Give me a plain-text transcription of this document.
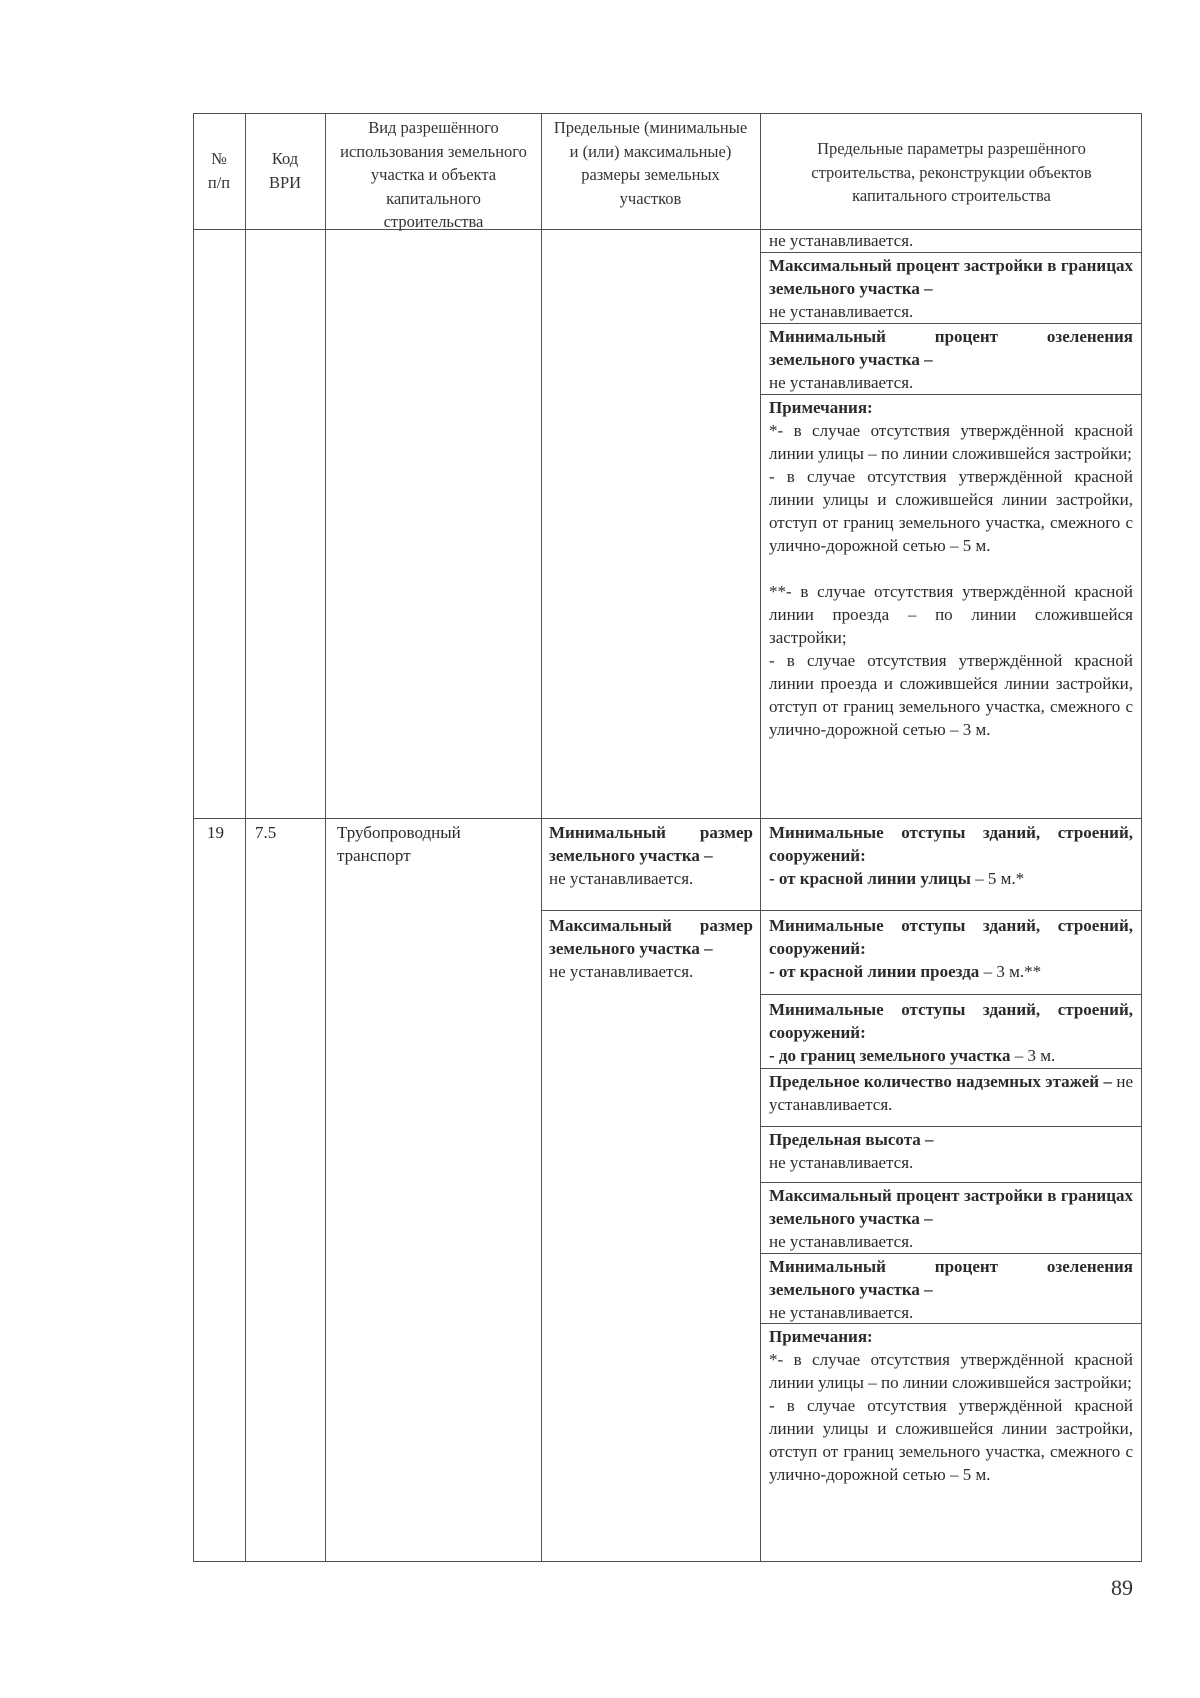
№
п/п
Код
ВРИ
Вид разрешённого использования земельного участка и объекта капитального строительства
Предельные (минимальные и (или) максимальные) размеры земельных участков
Предельные параметры разрешённого строительства, реконструкции объектов капитального строительства
не устанавливается.
Максимальный процент застройки в границах земельного участка –
не устанавливается.
Минимальный процент озеленения земельного участка –
не устанавливается.
Примечания:
*- в случае отсутствия утверждённой красной линии улицы – по линии сложившейся застройки;
- в случае отсутствия утверждённой красной линии улицы и сложившейся линии застройки, отступ от границ земельного участка, смежного с улично-дорожной сетью – 5 м.
**- в случае отсутствия утверждённой красной линии проезда – по линии сложившейся застройки;
- в случае отсутствия утверждённой красной линии проезда и сложившейся линии застройки, отступ от границ земельного участка, смежного с улично-дорожной сетью – 3 м.
19	7.5	Трубопроводный транспорт
Минимальный размер земельного участка –
не устанавливается.
Максимальный размер земельного участка –
не устанавливается.
Минимальные отступы зданий, строений, сооружений:
- от красной линии улицы – 5 м.*
Минимальные отступы зданий, строений, сооружений:
- от красной линии проезда – 3 м.**
Минимальные отступы зданий, строений, сооружений:
- до границ земельного участка – 3 м.
Предельное количество надземных этажей – не устанавливается.
Предельная высота –
не устанавливается.
Максимальный процент застройки в границах земельного участка –
не устанавливается.
Минимальный процент озеленения земельного участка –
не устанавливается.
Примечания:
*- в случае отсутствия утверждённой красной линии улицы – по линии сложившейся застройки;
- в случае отсутствия утверждённой красной линии улицы и сложившейся линии застройки, отступ от границ земельного участка, смежного с улично-дорожной сетью – 5 м.
89
